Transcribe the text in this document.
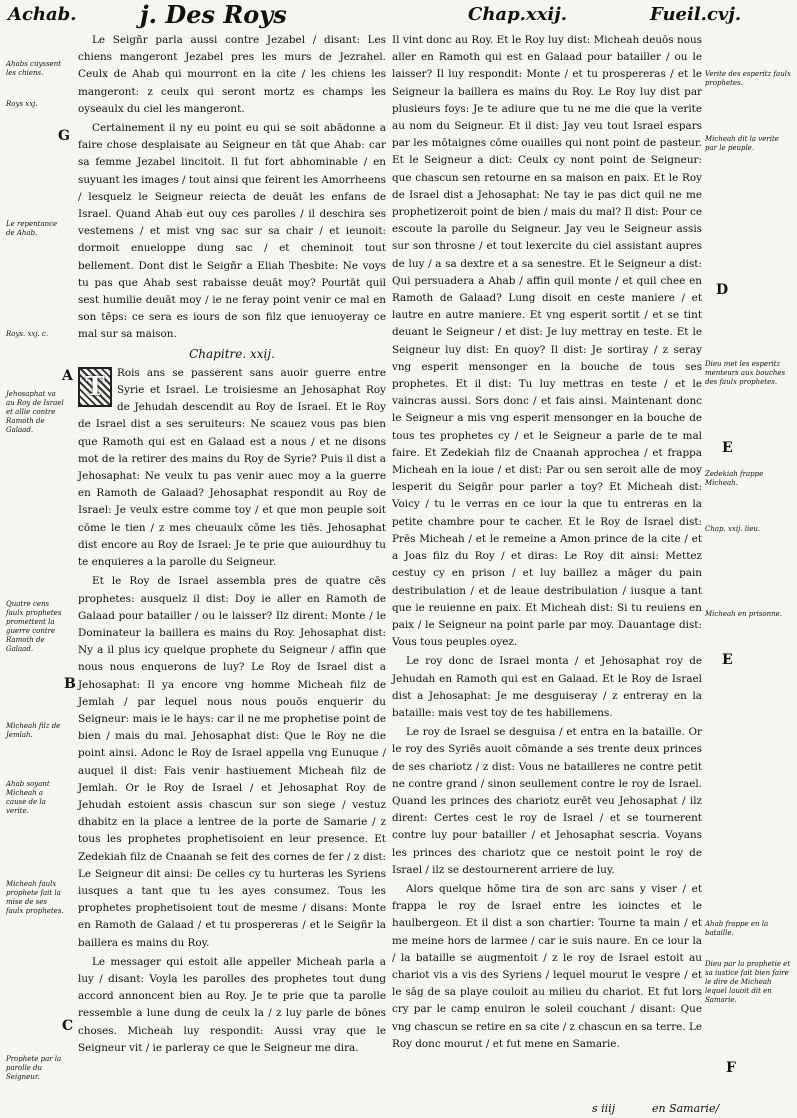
Achab.	j. Des Roys	Chap.xxij.	Fueil.cvj.

Le Seigñr parla aussi contre Jezabel / disant: Les chiens mangeront Jezabel pres les murs de Jezrahel. Ceulx de Ahab qui mourront en la cite / les chiens les mangeront: z ceulx qui seront mortz es champs les oyseaulx du ciel les mangeront.

Certainement il ny eu point eu qui se soit abādonne a faire chose desplaisate au Seigneur en tāt que Ahab: car sa femme Jezabel lincitoit. Il fut fort abhominable / en suyuant les images / tout ainsi que feirent les Amorrheens / lesquelz le Seigneur reiecta de deuāt les enfans de Israel. Quand Ahab eut ouy ces parolles / il deschira ses vestemens / et mist vng sac sur sa chair / et ieunoit: dormoit enueloppe dung sac / et cheminoit tout bellement. Dont dist le Seigñr a Eliah Thesbite: Ne voys tu pas que Ahab sest rabaisse deuāt moy? Pourtāt quil sest humilie deuāt moy / ie ne feray point venir ce mal en son tēps: ce sera es iours de son filz que ienuoyeray ce mal sur sa maison.

Chapitre. xxij.
T	Rois ans se passerent sans auoir guerre entre Syrie et Israel. Le troisiesme an Jehosaphat Roy de Jehudah descendit au Roy de Israel. Et le Roy de Israel dist a ses seruiteurs: Ne scauez vous pas bien que Ramoth qui est en Galaad est a nous / et ne disons mot de la retirer des mains du Roy de Syrie? Puis il dist a Jehosaphat: Ne veulx tu pas venir auec moy a la guerre en Ramoth de Galaad? Jehosaphat respondit au Roy de Israel: Je veulx estre comme toy / et que mon peuple soit cōme le tien / z mes cheuaulx cōme les tiēs. Jehosaphat dist encore au Roy de Israel: Je te prie que auiourdhuy tu te enquieres a la parolle du Seigneur.

Et le Roy de Israel assembla pres de quatre cēs prophetes: ausquelz il dist: Doy ie aller en Ramoth de Galaad pour batailler / ou le laisser? Ilz dirent: Monte / le Dominateur la baillera es mains du Roy. Jehosaphat dist: Ny a il plus icy quelque prophete du Seigneur / affin que nous nous enquerons de luy? Le Roy de Israel dist a Jehosaphat: Il ya encore vng homme Micheah filz de Jemlah / par lequel nous nous pouōs enquerir du Seigneur: mais ie le hays: car il ne me prophetise point de bien / mais du mal. Jehosaphat dist: Que le Roy ne die point ainsi. Adonc le Roy de Israel appella vng Eunuque / auquel il dist: Fais venir hastiuement Micheah filz de Jemlah. Or le Roy de Israel / et Jehosaphat Roy de Jehudah estoient assis chascun sur son siege / vestuz dhabitz en la place a lentree de la porte de Samarie / z tous les prophetes prophetisoient en leur presence. Et Zedekiah filz de Cnaanah se feit des cornes de fer / z dist: Le Seigneur dit ainsi: De celles cy tu hurteras les Syriens iusques a tant que tu les ayes consumez. Tous les prophetes prophetisoient tout de mesme / disans: Monte en Ramoth de Galaad / et tu prospereras / et le Seigñr la baillera es mains du Roy.

Le messager qui estoit alle appeller Micheah parla a luy / disant: Voyla les parolles des prophetes tout dung accord annoncent bien au Roy. Je te prie que ta parolle ressemble a lune dung de ceulx la / z luy parle de bōnes choses. Micheah luy respondit: Aussi vray que le Seigneur vit / ie parleray ce que le Seigneur me dira.

Il vint donc au Roy. Et le Roy luy dist: Micheah deuōs nous aller en Ramoth qui est en Galaad pour batailler / ou le laisser? Il luy respondit: Monte / et tu prospereras / et le Seigneur la baillera es mains du Roy. Le Roy luy dist par plusieurs foys: Je te adiure que tu ne me die que la verite au nom du Seigneur. Et il dist: Jay veu tout Israel espars par les mōtaignes cōme ouailles qui nont point de pasteur. Et le Seigneur a dict: Ceulx cy nont point de Seigneur: que chascun sen retourne en sa maison en paix. Et le Roy de Israel dist a Jehosaphat: Ne tay ie pas dict quil ne me prophetizeroit point de bien / mais du mal? Il dist: Pour ce escoute la parolle du Seigneur. Jay veu le Seigneur assis sur son throsne / et tout lexercite du ciel assistant aupres de luy / a sa dextre et a sa senestre. Et le Seigneur a dist: Qui persuadera a Ahab / affin quil monte / et quil chee en Ramoth de Galaad? Lung disoit en ceste maniere / et lautre en autre maniere. Et vng esperit sortit / et se tint deuant le Seigneur / et dist: Je luy mettray en teste. Et le Seigneur luy dist: En quoy? Il dist: Je sortiray / z seray vng esperit mensonger en la bouche de tous ses prophetes. Et il dist: Tu luy mettras en teste / et le vaincras aussi. Sors donc / et fais ainsi. Maintenant donc le Seigneur a mis vng esperit mensonger en la bouche de tous tes prophetes cy / et le Seigneur a parle de te mal faire. Et Zedekiah filz de Cnaanah approchea / et frappa Micheah en la ioue / et dist: Par ou sen seroit alle de moy lesperit du Seigñr pour parler a toy? Et Micheah dist: Voicy / tu le verras en ce iour la que tu entreras en la petite chambre pour te cacher. Et le Roy de Israel dist: Prēs Micheah / et le remeine a Amon prince de la cite / et a Joas filz du Roy / et diras: Le Roy dit ainsi: Mettez cestuy cy en prison / et luy baillez a māger du pain destribulation / et de leaue destribulation / iusque a tant que ie reuienne en paix. Et Micheah dist: Si tu reuiens en paix / le Seigneur na point parle par moy. Dauantage dist: Vous tous peuples oyez.

Le roy donc de Israel monta / et Jehosaphat roy de Jehudah en Ramoth qui est en Galaad. Et le Roy de Israel dist a Jehosaphat: Je me desguiseray / z entreray en la bataille: mais vest toy de tes habillemens.

Le roy de Israel se desguisa / et entra en la bataille. Or le roy des Syriēs auoit cōmande a ses trente deux princes de ses chariotz / z dist: Vous ne batailleres ne contre petit ne contre grand / sinon seullement contre le roy de Israel. Quand les princes des chariotz eurēt veu Jehosaphat / ilz dirent: Certes cest le roy de Israel / et se tournerent contre luy pour batailler / et Jehosaphat sescria. Voyans les princes des chariotz que ce nestoit point le roy de Israel / ilz se destournerent arriere de luy.

Alors quelque hōme tira de son arc sans y viser / et frappa le roy de Israel entre les ioinctes et le haulbergeon. Et il dist a son chartier: Tourne ta main / et me meine hors de larmee / car ie suis naure. En ce iour la / la bataille se augmentoit / z le roy de Israel estoit au chariot vis a vis des Syriens / lequel mourut le vespre / et le sāg de sa playe couloit au milieu du chariot. Et fut lors cry par le camp enuiron le soleil couchant / disant: Que vng chascun se retire en sa cite / z chascun en sa terre. Le Roy donc mourut / et fut mene en Samarie.

Ahabs cuyssent les chiens.
Roys xxj.
Le repentance de Ahab.
Roys. xxj. c.
Jehosaphat va au Roy de Israel et allie contre Ramoth de Galaad.
Quatre cens faulx prophetes promettent la guerre contre Ramoth de Galaad.
Micheah filz de Jemlah.
Ahab soyant Micheah a cause de la verite.
Micheah faulx prophete fait la mise de ses faulx prophetes.
Prophete par la parolle du Seigneur.
Verite des esperitz faulx prophetes.
Micheah dit la verite par le peuple.
Dieu met les esperitz menteurs aux bouches des faulx prophetes.
Zedekiah frappe Micheah.
Chap. xxij. lieu.
Micheah en prisonne.
Ahab frappe en la bataille.
Dieu par la prophetie et sa iustice fait bien faire le dire de Micheah lequel lauoit dit en Samarie.
G
A
B
C
D
E
E
F
s iiij	en Samarie/
